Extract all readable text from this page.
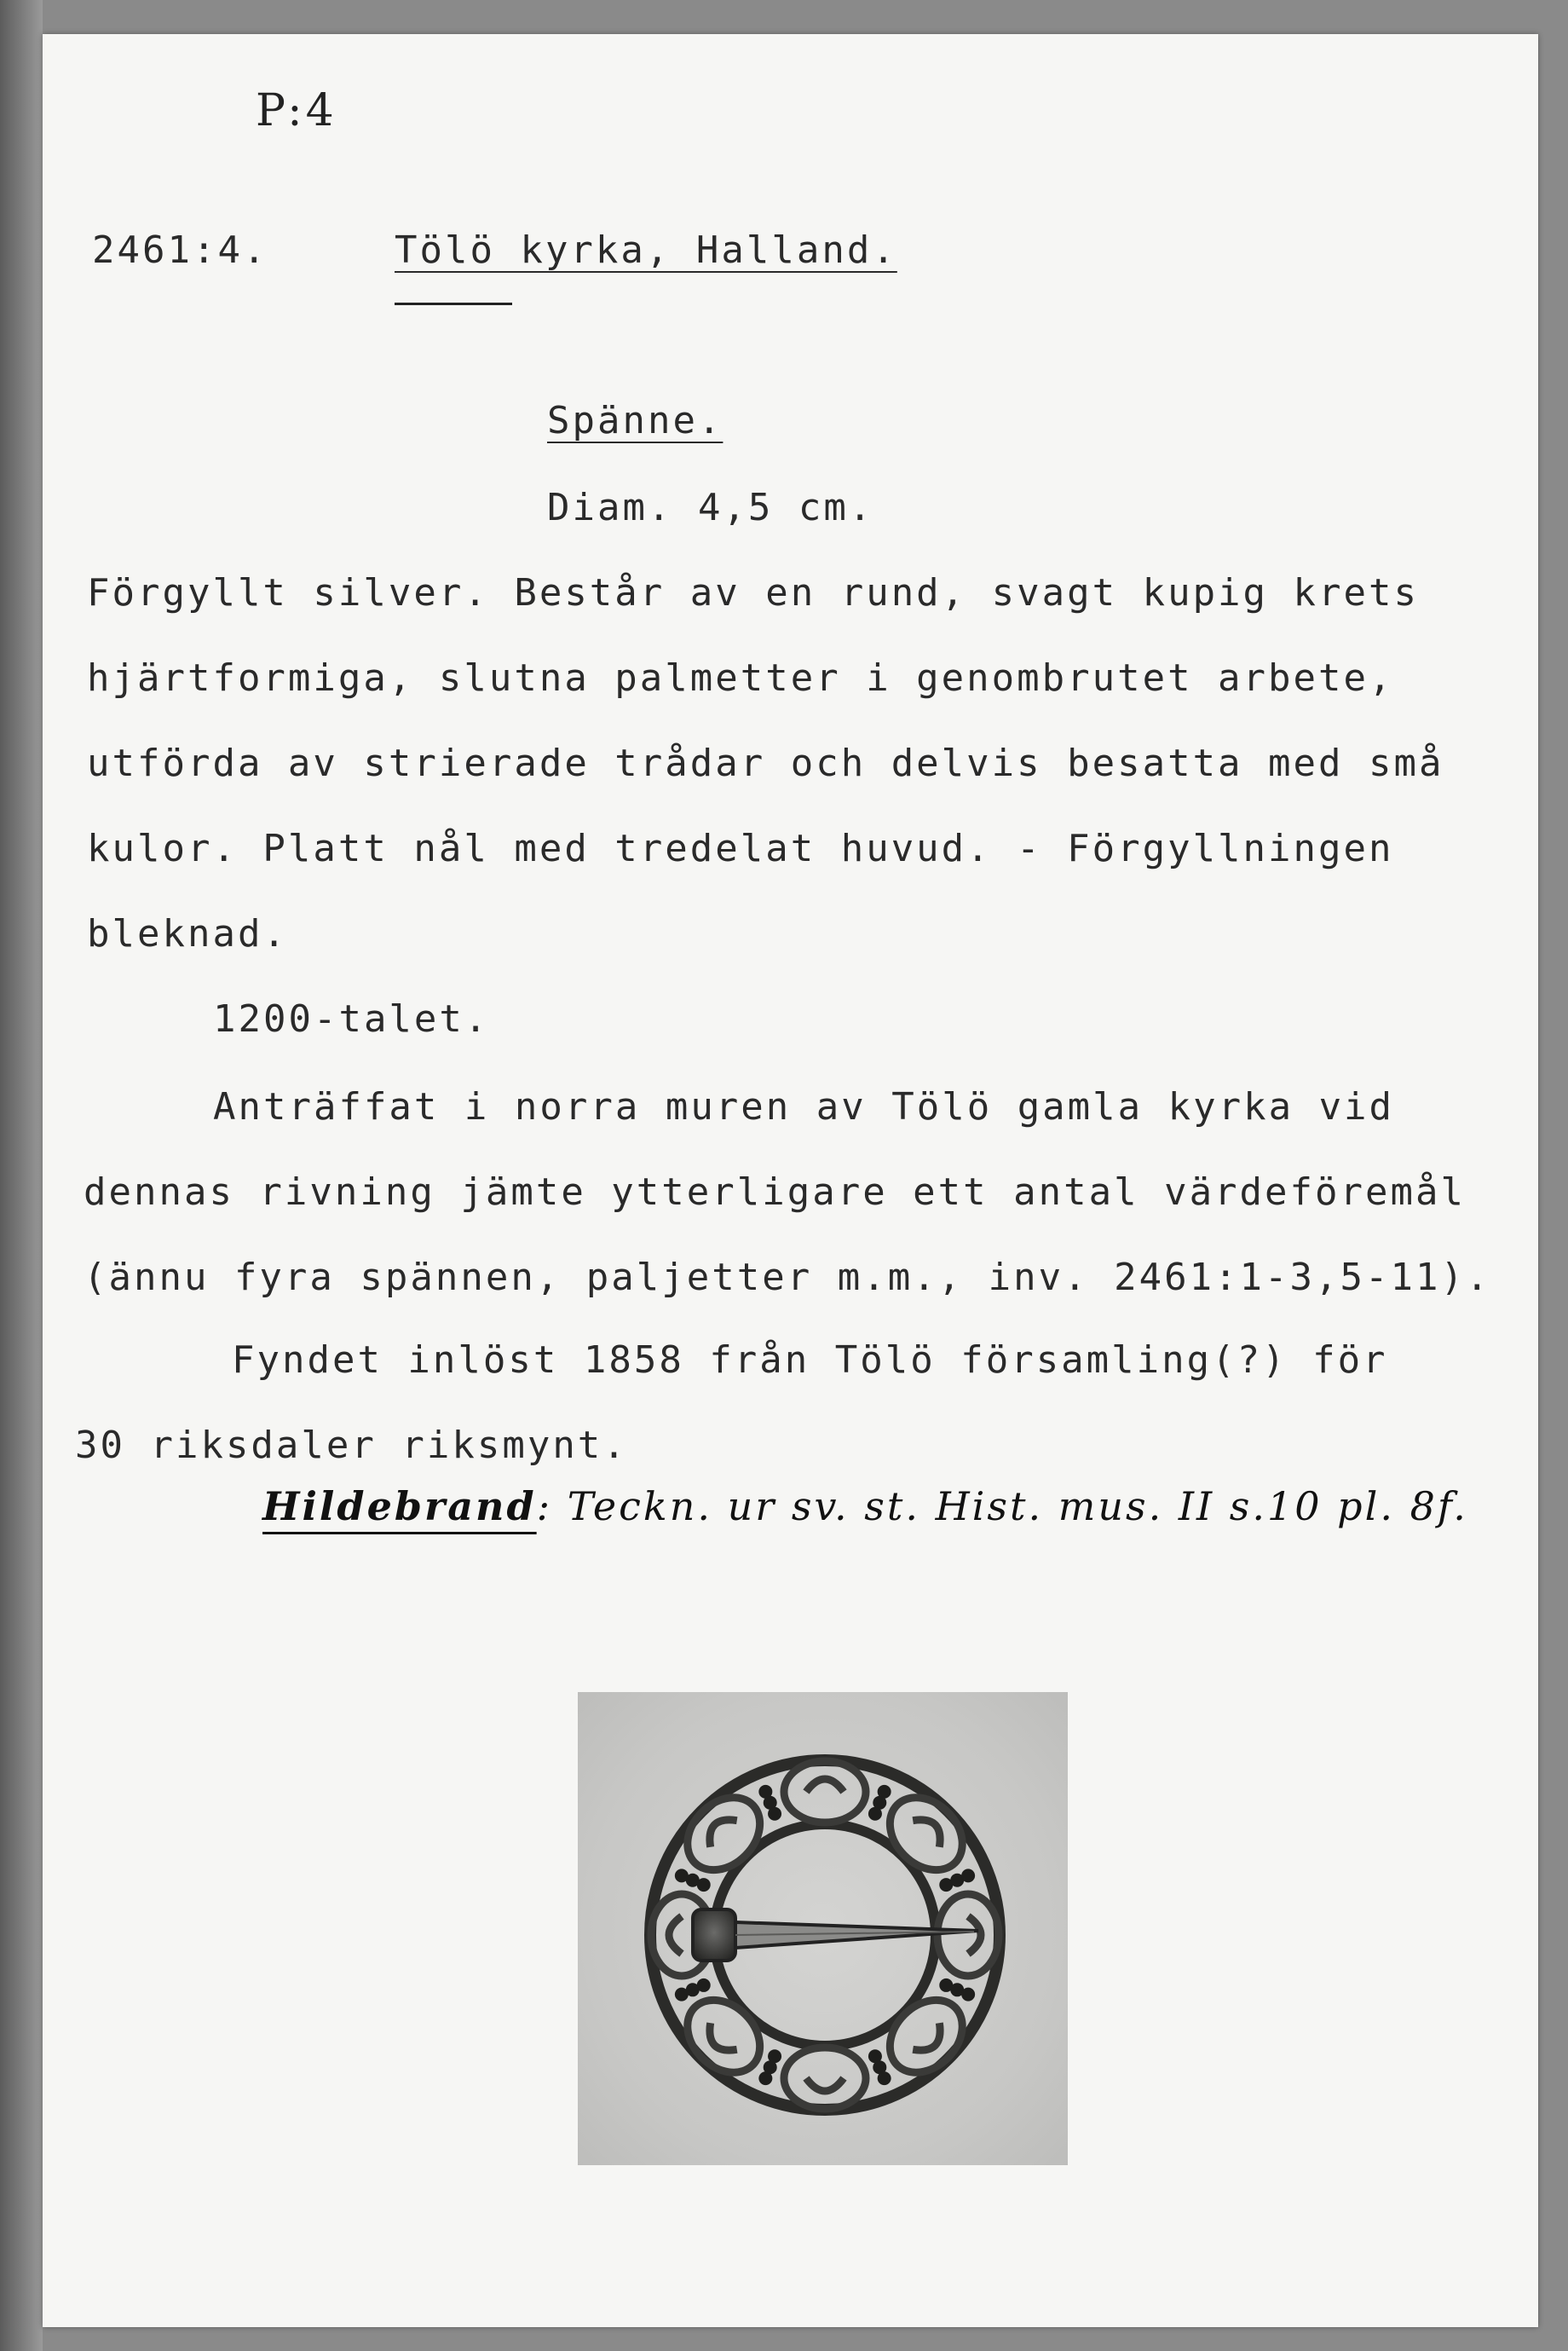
P:4
2461:4.	Tölö kyrka, Halland.
Spänne.
Diam. 4,5 cm.
Förgyllt silver. Består av en rund, svagt kupig krets
hjärtformiga, slutna palmetter i genombrutet arbete,
utförda av strierade trådar och delvis besatta med små
kulor. Platt nål med tredelat huvud. - Förgyllningen
bleknad.
1200-talet.
Anträffat i norra muren av Tölö gamla kyrka vid
dennas rivning jämte ytterligare ett antal värdeföremål
(ännu fyra spännen, paljetter m.m., inv. 2461:1-3,5-11).
Fyndet inlöst 1858 från Tölö församling(?) för
30 riksdaler riksmynt.
Hildebrand: Teckn. ur sv. st. Hist. mus. II s.10 pl. 8f.
